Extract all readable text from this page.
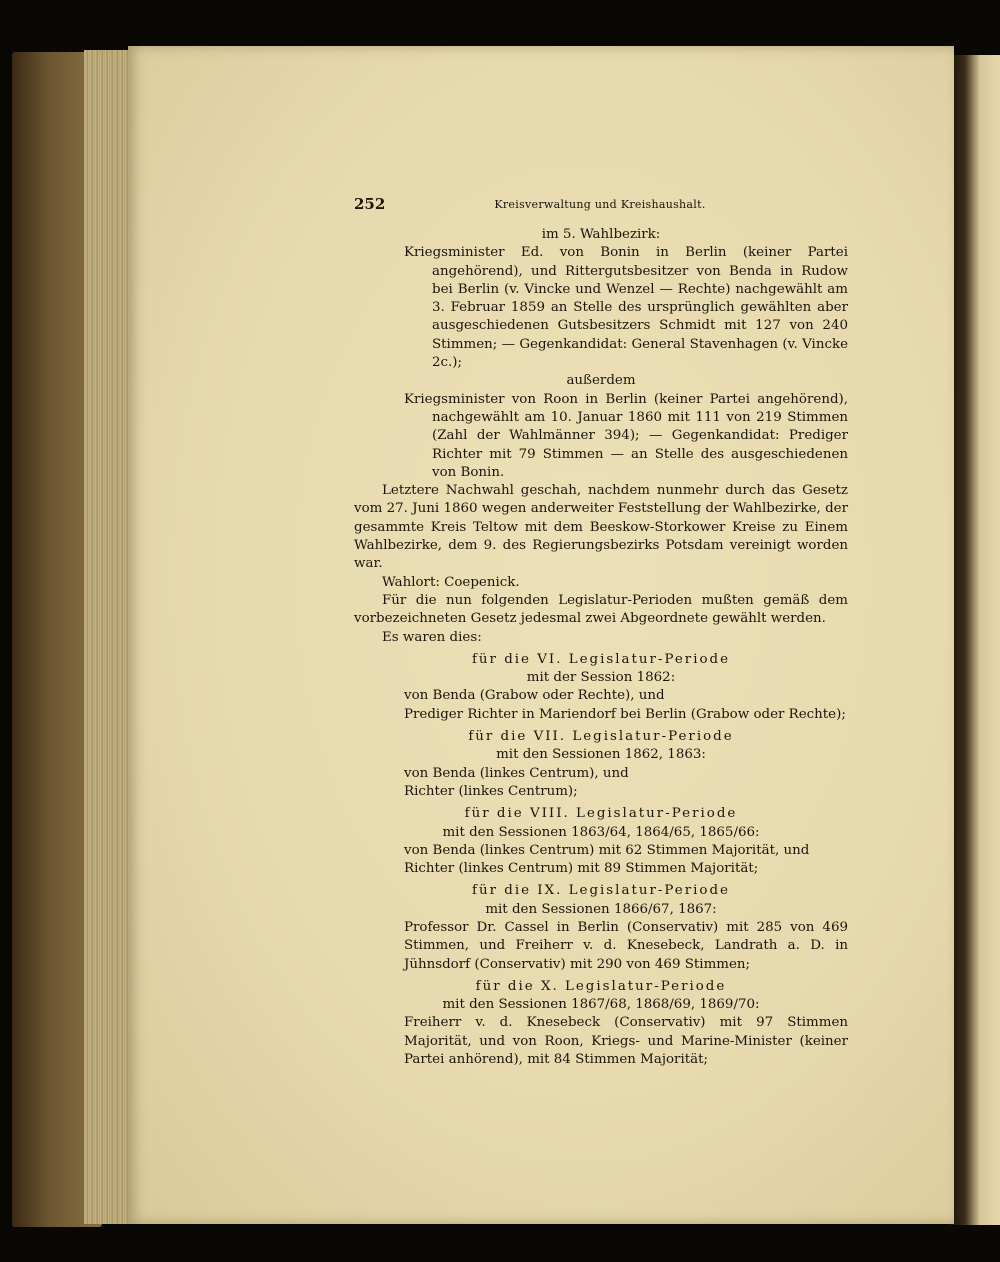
252	Kreisverwaltung und Kreishaushalt.

im 5. Wahlbezirk:

Kriegsminister Ed. von Bonin in Berlin (keiner Partei angehörend), und Rittergutsbesitzer von Benda in Rudow bei Berlin (v. Vincke und Wenzel — Rechte) nachgewählt am 3. Februar 1859 an Stelle des ursprünglich gewählten aber ausgeschiedenen Gutsbesitzers Schmidt mit 127 von 240 Stimmen; — Gegenkandidat: General Stavenhagen (v. Vincke 2c.);

außerdem

Kriegsminister von Roon in Berlin (keiner Partei angehörend), nachgewählt am 10. Januar 1860 mit 111 von 219 Stimmen (Zahl der Wahlmänner 394); — Gegenkandidat: Prediger Richter mit 79 Stimmen — an Stelle des ausgeschiedenen von Bonin.

Letztere Nachwahl geschah, nachdem nunmehr durch das Gesetz vom 27. Juni 1860 wegen anderweiter Feststellung der Wahlbezirke, der gesammte Kreis Teltow mit dem Beeskow-Storkower Kreise zu Einem Wahlbezirke, dem 9. des Regierungsbezirks Potsdam vereinigt worden war.

Wahlort: Coepenick.

Für die nun folgenden Legislatur-Perioden mußten gemäß dem vorbezeichneten Gesetz jedesmal zwei Abgeordnete gewählt werden.

Es waren dies:

für die VI. Legislatur-Periode

mit der Session 1862:

von Benda (Grabow oder Rechte), und

Prediger Richter in Mariendorf bei Berlin (Grabow oder Rechte);

für die VII. Legislatur-Periode

mit den Sessionen 1862, 1863:

von Benda (linkes Centrum), und

Richter (linkes Centrum);

für die VIII. Legislatur-Periode

mit den Sessionen 1863/64, 1864/65, 1865/66:

von Benda (linkes Centrum) mit 62 Stimmen Majorität, und

Richter (linkes Centrum) mit 89 Stimmen Majorität;

für die IX. Legislatur-Periode

mit den Sessionen 1866/67, 1867:

Professor Dr. Cassel in Berlin (Conservativ) mit 285 von 469 Stimmen, und Freiherr v. d. Knesebeck, Landrath a. D. in Jühnsdorf (Conservativ) mit 290 von 469 Stimmen;

für die X. Legislatur-Periode

mit den Sessionen 1867/68, 1868/69, 1869/70:

Freiherr v. d. Knesebeck (Conservativ) mit 97 Stimmen Majorität, und von Roon, Kriegs- und Marine-Minister (keiner Partei anhörend), mit 84 Stimmen Majorität;
